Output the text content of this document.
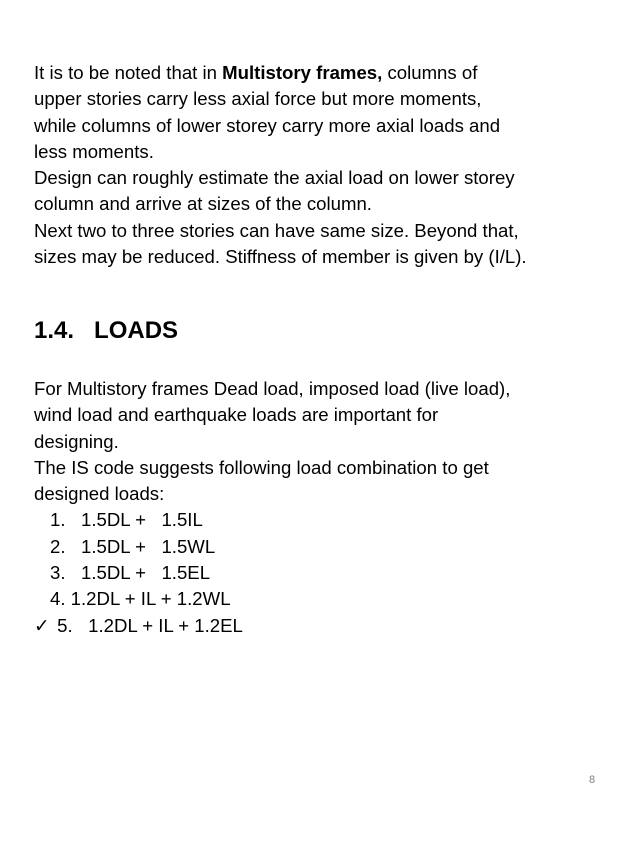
It is to be noted that in Multistory frames, columns of
upper stories carry less axial force but more moments,
while columns of lower storey carry more axial loads and
less moments.
Design can roughly estimate the axial load on lower storey
column and arrive at sizes of the column.
Next two to three stories can have same size. Beyond that,
sizes may be reduced. Stiffness of member is given by (I/L).

1.4.   LOADS

For Multistory frames Dead load, imposed load (live load),
wind load and earthquake loads are important for
designing.
The IS code suggests following load combination to get
designed loads:

1.   1.5DL +   1.5IL
2.   1.5DL +   1.5WL
3.   1.5DL +   1.5EL
4. 1.2DL + IL + 1.2WL
✓ 5.   1.2DL + IL + 1.2EL
8
